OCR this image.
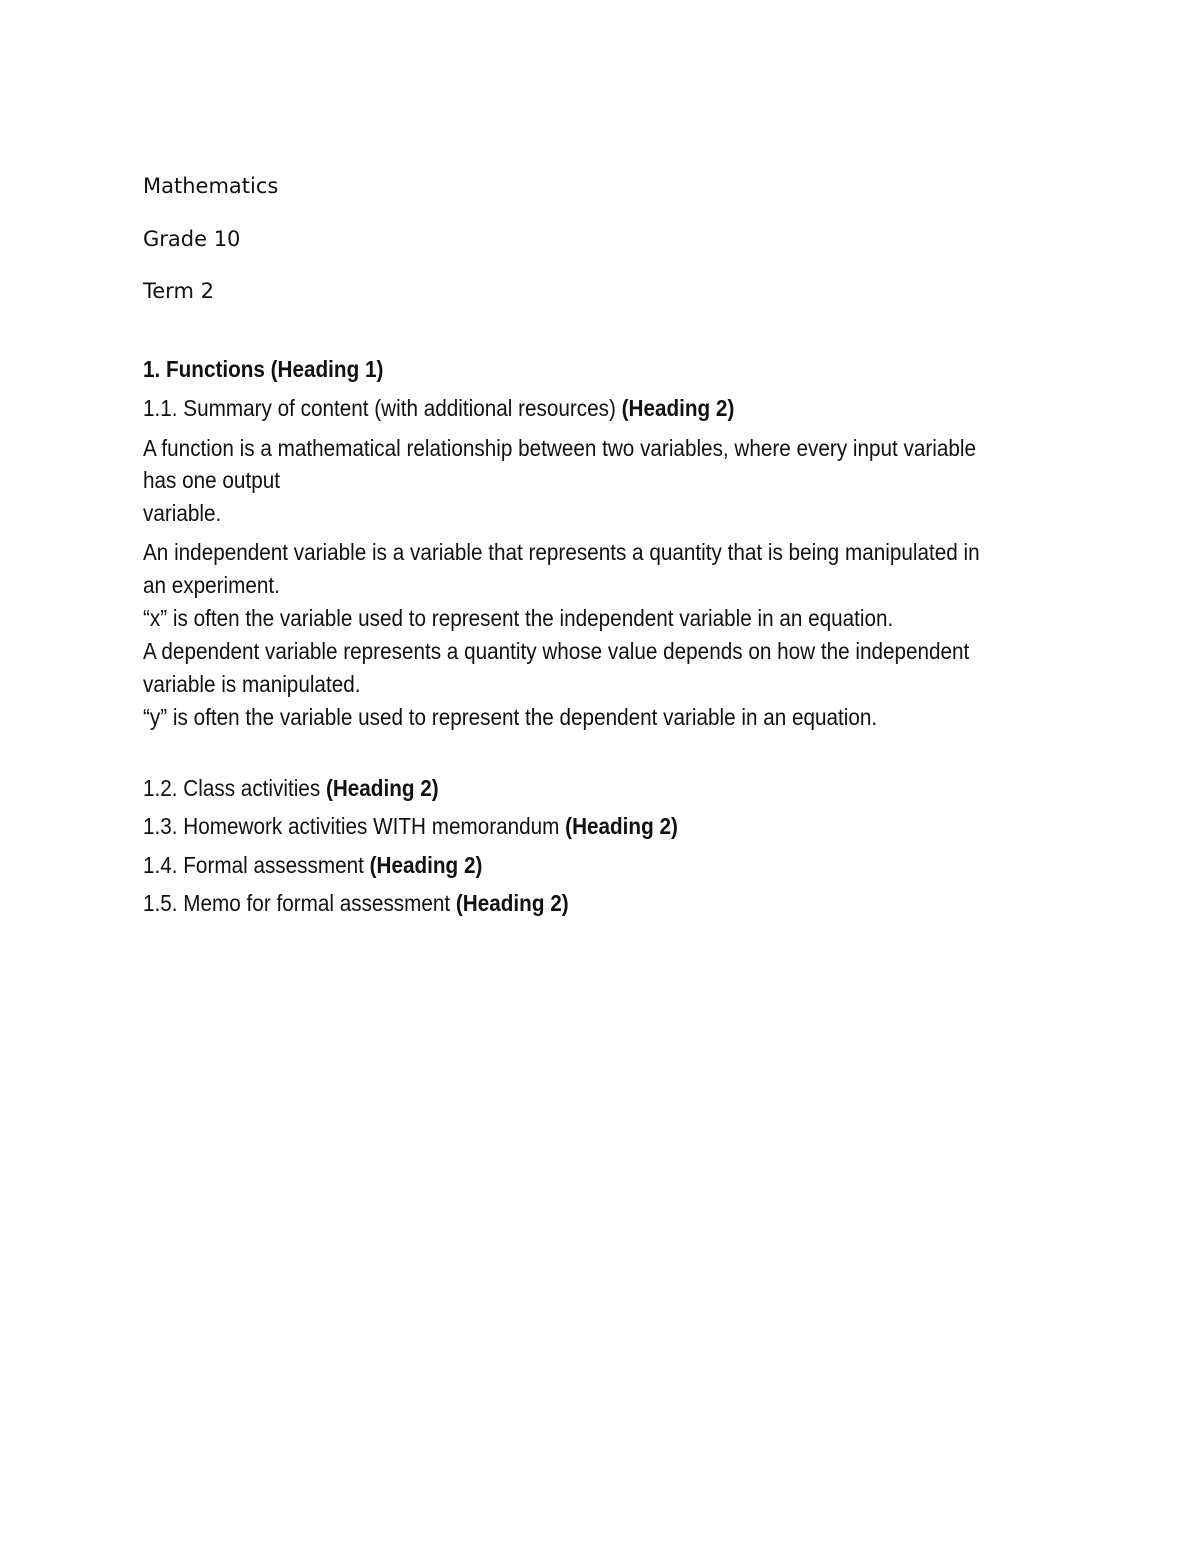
Mathematics
Grade 10
Term 2
1. Functions (Heading 1)
1.1. Summary of content (with additional resources) (Heading 2)
A function is a mathematical relationship between two variables, where every input variable
has one output
variable.
An independent variable is a variable that represents a quantity that is being manipulated in
an experiment.
“x” is often the variable used to represent the independent variable in an equation.
A dependent variable represents a quantity whose value depends on how the independent
variable is manipulated.
“y” is often the variable used to represent the dependent variable in an equation.
1.2. Class activities (Heading 2)
1.3. Homework activities WITH memorandum (Heading 2)
1.4. Formal assessment (Heading 2)
1.5. Memo for formal assessment (Heading 2)
